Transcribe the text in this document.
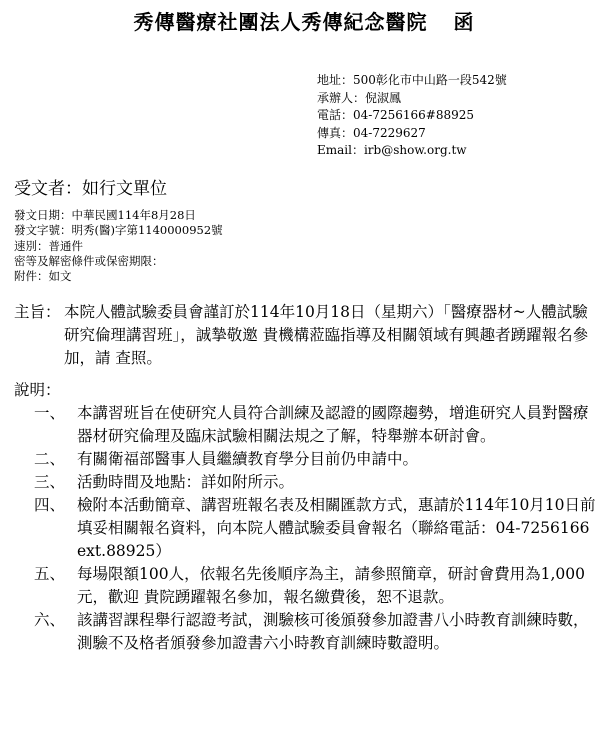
秀傳醫療社團法人秀傳紀念醫院 函
地址：500彰化市中山路一段542號
承辦人：倪淑鳳
電話：04-7256166#88925
傳真：04-7229627
Email：irb@show.org.tw
受文者：如行文單位
發文日期：中華民國114年8月28日
發文字號：明秀(醫)字第1140000952號
速別：普通件
密等及解密條件或保密期限：
附件：如文
主旨： 本院人體試驗委員會謹訂於114年10月18日（星期六）「醫療器材~人體試驗研究倫理講習班」，誠摯敬邀 貴機構蒞臨指導及相關領域有興趣者踴躍報名參加，請 查照。
說明：
一、 本講習班旨在使研究人員符合訓練及認證的國際趨勢，增進研究人員對醫療器材研究倫理及臨床試驗相關法規之了解，特舉辦本研討會。
二、 有關衛福部醫事人員繼續教育學分目前仍申請中。
三、 活動時間及地點：詳如附所示。
四、 檢附本活動簡章、講習班報名表及相關匯款方式，惠請於114年10月10日前填妥相關報名資料，向本院人體試驗委員會報名（聯絡電話：04-7256166 ext.88925）
五、 每場限額100人，依報名先後順序為主，請參照簡章，研討會費用為1,000元，歡迎 貴院踴躍報名參加，報名繳費後，恕不退款。
六、 該講習課程舉行認證考試，測驗核可後頒發參加證書八小時教育訓練時數，測驗不及格者頒發參加證書六小時教育訓練時數證明。
